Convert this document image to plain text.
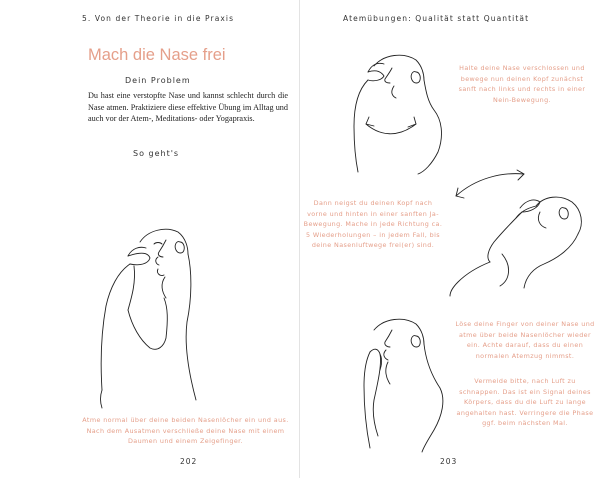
5. Von der Theorie in die Praxis
Mach die Nase frei
Dein Problem

Du hast eine verstopfte Nase und kannst schlecht durch die Nase atmen. Praktiziere diese effektive Übung im Alltag und auch vor der Atem-, Meditations- oder Yogapraxis.

So geht's

Atme normal über deine beiden Nasenlöcher ein und aus. Nach dem Ausatmen verschließe deine Nase mit einem Daumen und einem Zeigefinger.

202
Atemübungen: Qualität statt Quantität

Halte deine Nase verschlossen und bewege nun deinen Kopf zunächst sanft nach links und rechts in einer Nein-Bewegung.

Dann neigst du deinen Kopf nach vorne und hinten in einer sanften Ja-Bewegung. Mache in jede Richtung ca. 5 Wiederholungen – in jedem Fall, bis deine Nasenluftwege frei(er) sind.

Löse deine Finger von deiner Nase und atme über beide Nasenlöcher wieder ein. Achte darauf, dass du einen normalen Atemzug nimmst.

Vermeide bitte, nach Luft zu schnappen. Das ist ein Signal deines Körpers, dass du die Luft zu lange angehalten hast. Verringere die Phase ggf. beim nächsten Mal.

203
